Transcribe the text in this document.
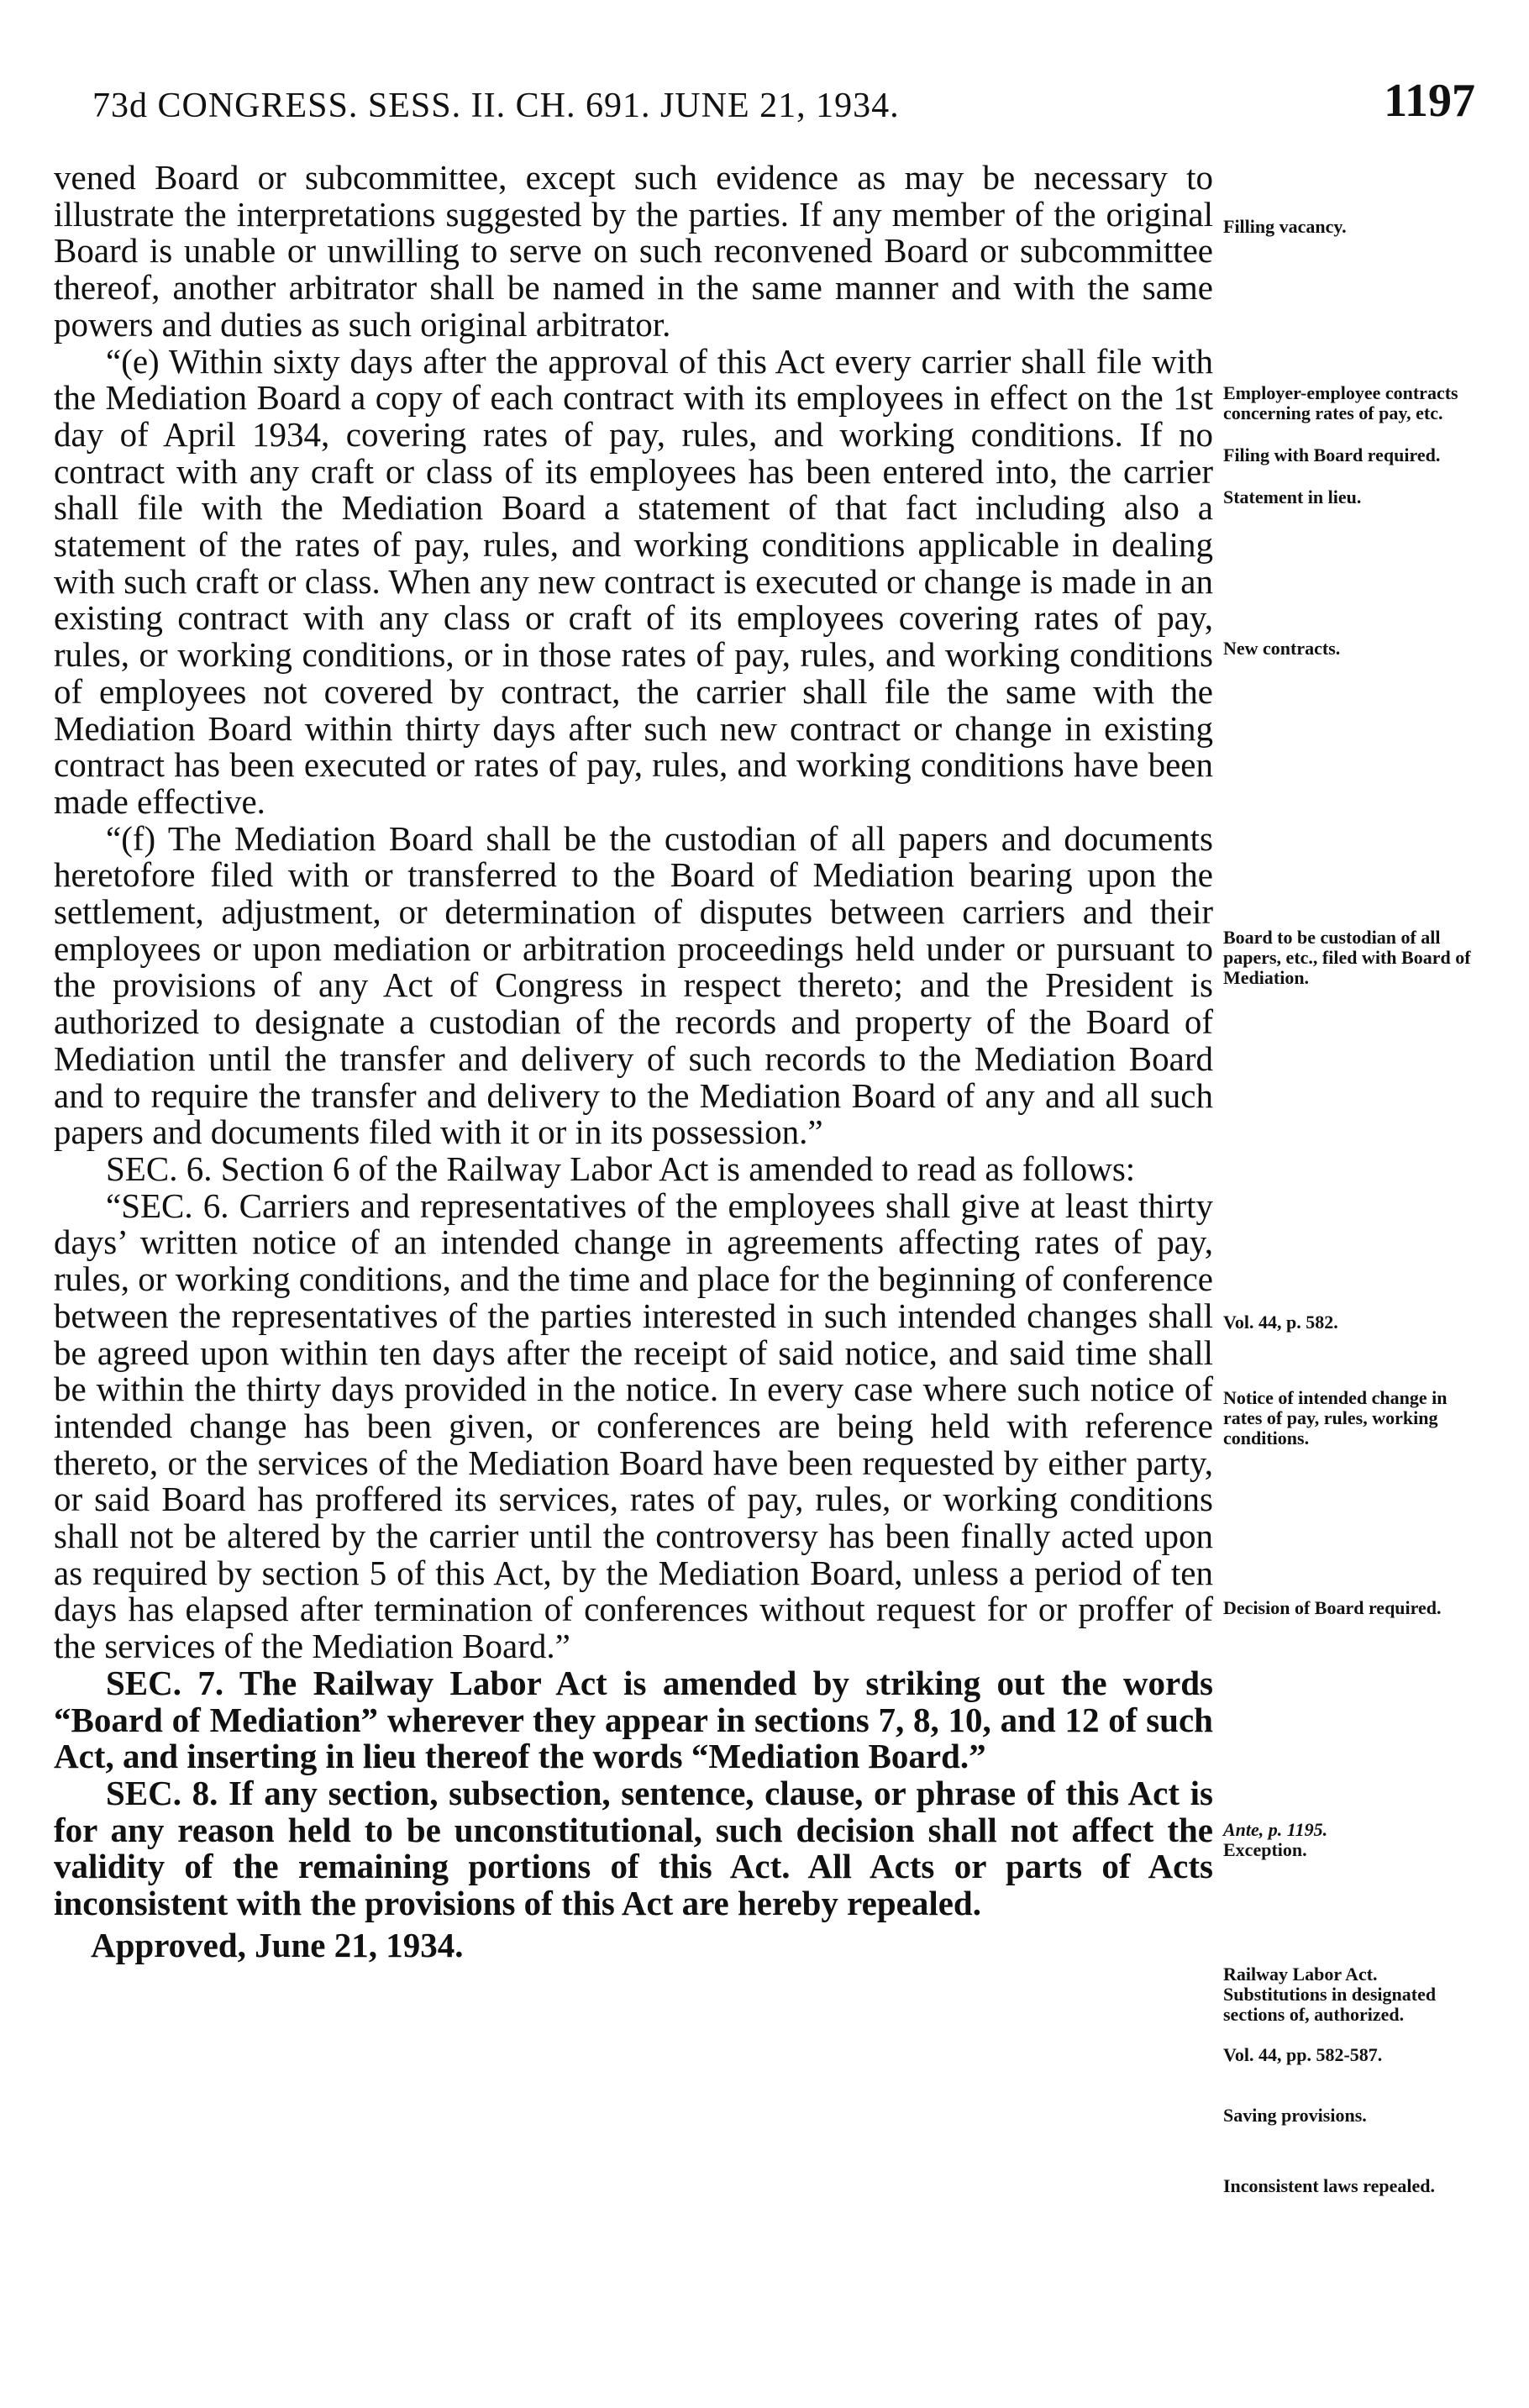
73d CONGRESS. SESS. II. CH. 691. JUNE 21, 1934.	1197

vened Board or subcommittee, except such evidence as may be necessary to illustrate the interpretations suggested by the parties. If any member of the original Board is unable or unwilling to serve on such reconvened Board or subcommittee thereof, another arbitrator shall be named in the same manner and with the same powers and duties as such original arbitrator.

“(e) Within sixty days after the approval of this Act every carrier shall file with the Mediation Board a copy of each contract with its employees in effect on the 1st day of April 1934, covering rates of pay, rules, and working conditions. If no contract with any craft or class of its employees has been entered into, the carrier shall file with the Mediation Board a statement of that fact including also a statement of the rates of pay, rules, and working conditions applicable in dealing with such craft or class. When any new contract is executed or change is made in an existing contract with any class or craft of its employees covering rates of pay, rules, or working conditions, or in those rates of pay, rules, and working conditions of employees not covered by contract, the carrier shall file the same with the Mediation Board within thirty days after such new contract or change in existing contract has been executed or rates of pay, rules, and working conditions have been made effective.

“(f) The Mediation Board shall be the custodian of all papers and documents heretofore filed with or transferred to the Board of Mediation bearing upon the settlement, adjustment, or determination of disputes between carriers and their employees or upon mediation or arbitration proceedings held under or pursuant to the provisions of any Act of Congress in respect thereto; and the President is authorized to designate a custodian of the records and property of the Board of Mediation until the transfer and delivery of such records to the Mediation Board and to require the transfer and delivery to the Mediation Board of any and all such papers and documents filed with it or in its possession.”

SEC. 6. Section 6 of the Railway Labor Act is amended to read as follows:

“SEC. 6. Carriers and representatives of the employees shall give at least thirty days’ written notice of an intended change in agreements affecting rates of pay, rules, or working conditions, and the time and place for the beginning of conference between the representatives of the parties interested in such intended changes shall be agreed upon within ten days after the receipt of said notice, and said time shall be within the thirty days provided in the notice. In every case where such notice of intended change has been given, or conferences are being held with reference thereto, or the services of the Mediation Board have been requested by either party, or said Board has proffered its services, rates of pay, rules, or working conditions shall not be altered by the carrier until the controversy has been finally acted upon as required by section 5 of this Act, by the Mediation Board, unless a period of ten days has elapsed after termination of conferences without request for or proffer of the services of the Mediation Board.”

SEC. 7. The Railway Labor Act is amended by striking out the words “Board of Mediation” wherever they appear in sections 7, 8, 10, and 12 of such Act, and inserting in lieu thereof the words “Mediation Board.”

SEC. 8. If any section, subsection, sentence, clause, or phrase of this Act is for any reason held to be unconstitutional, such decision shall not affect the validity of the remaining portions of this Act. All Acts or parts of Acts inconsistent with the provisions of this Act are hereby repealed.

Approved, June 21, 1934.

Filling vacancy.
Employer-employee contracts concerning rates of pay, etc.
Filing with Board required.
Statement in lieu.
New contracts.
Board to be custodian of all papers, etc., filed with Board of Mediation.
Vol. 44, p. 582.
Notice of intended change in rates of pay, rules, working conditions.
Decision of Board required.
Ante, p. 1195.
Exception.
Railway Labor Act. Substitutions in designated sections of, authorized.
Vol. 44, pp. 582-587.
Saving provisions.
Inconsistent laws repealed.
